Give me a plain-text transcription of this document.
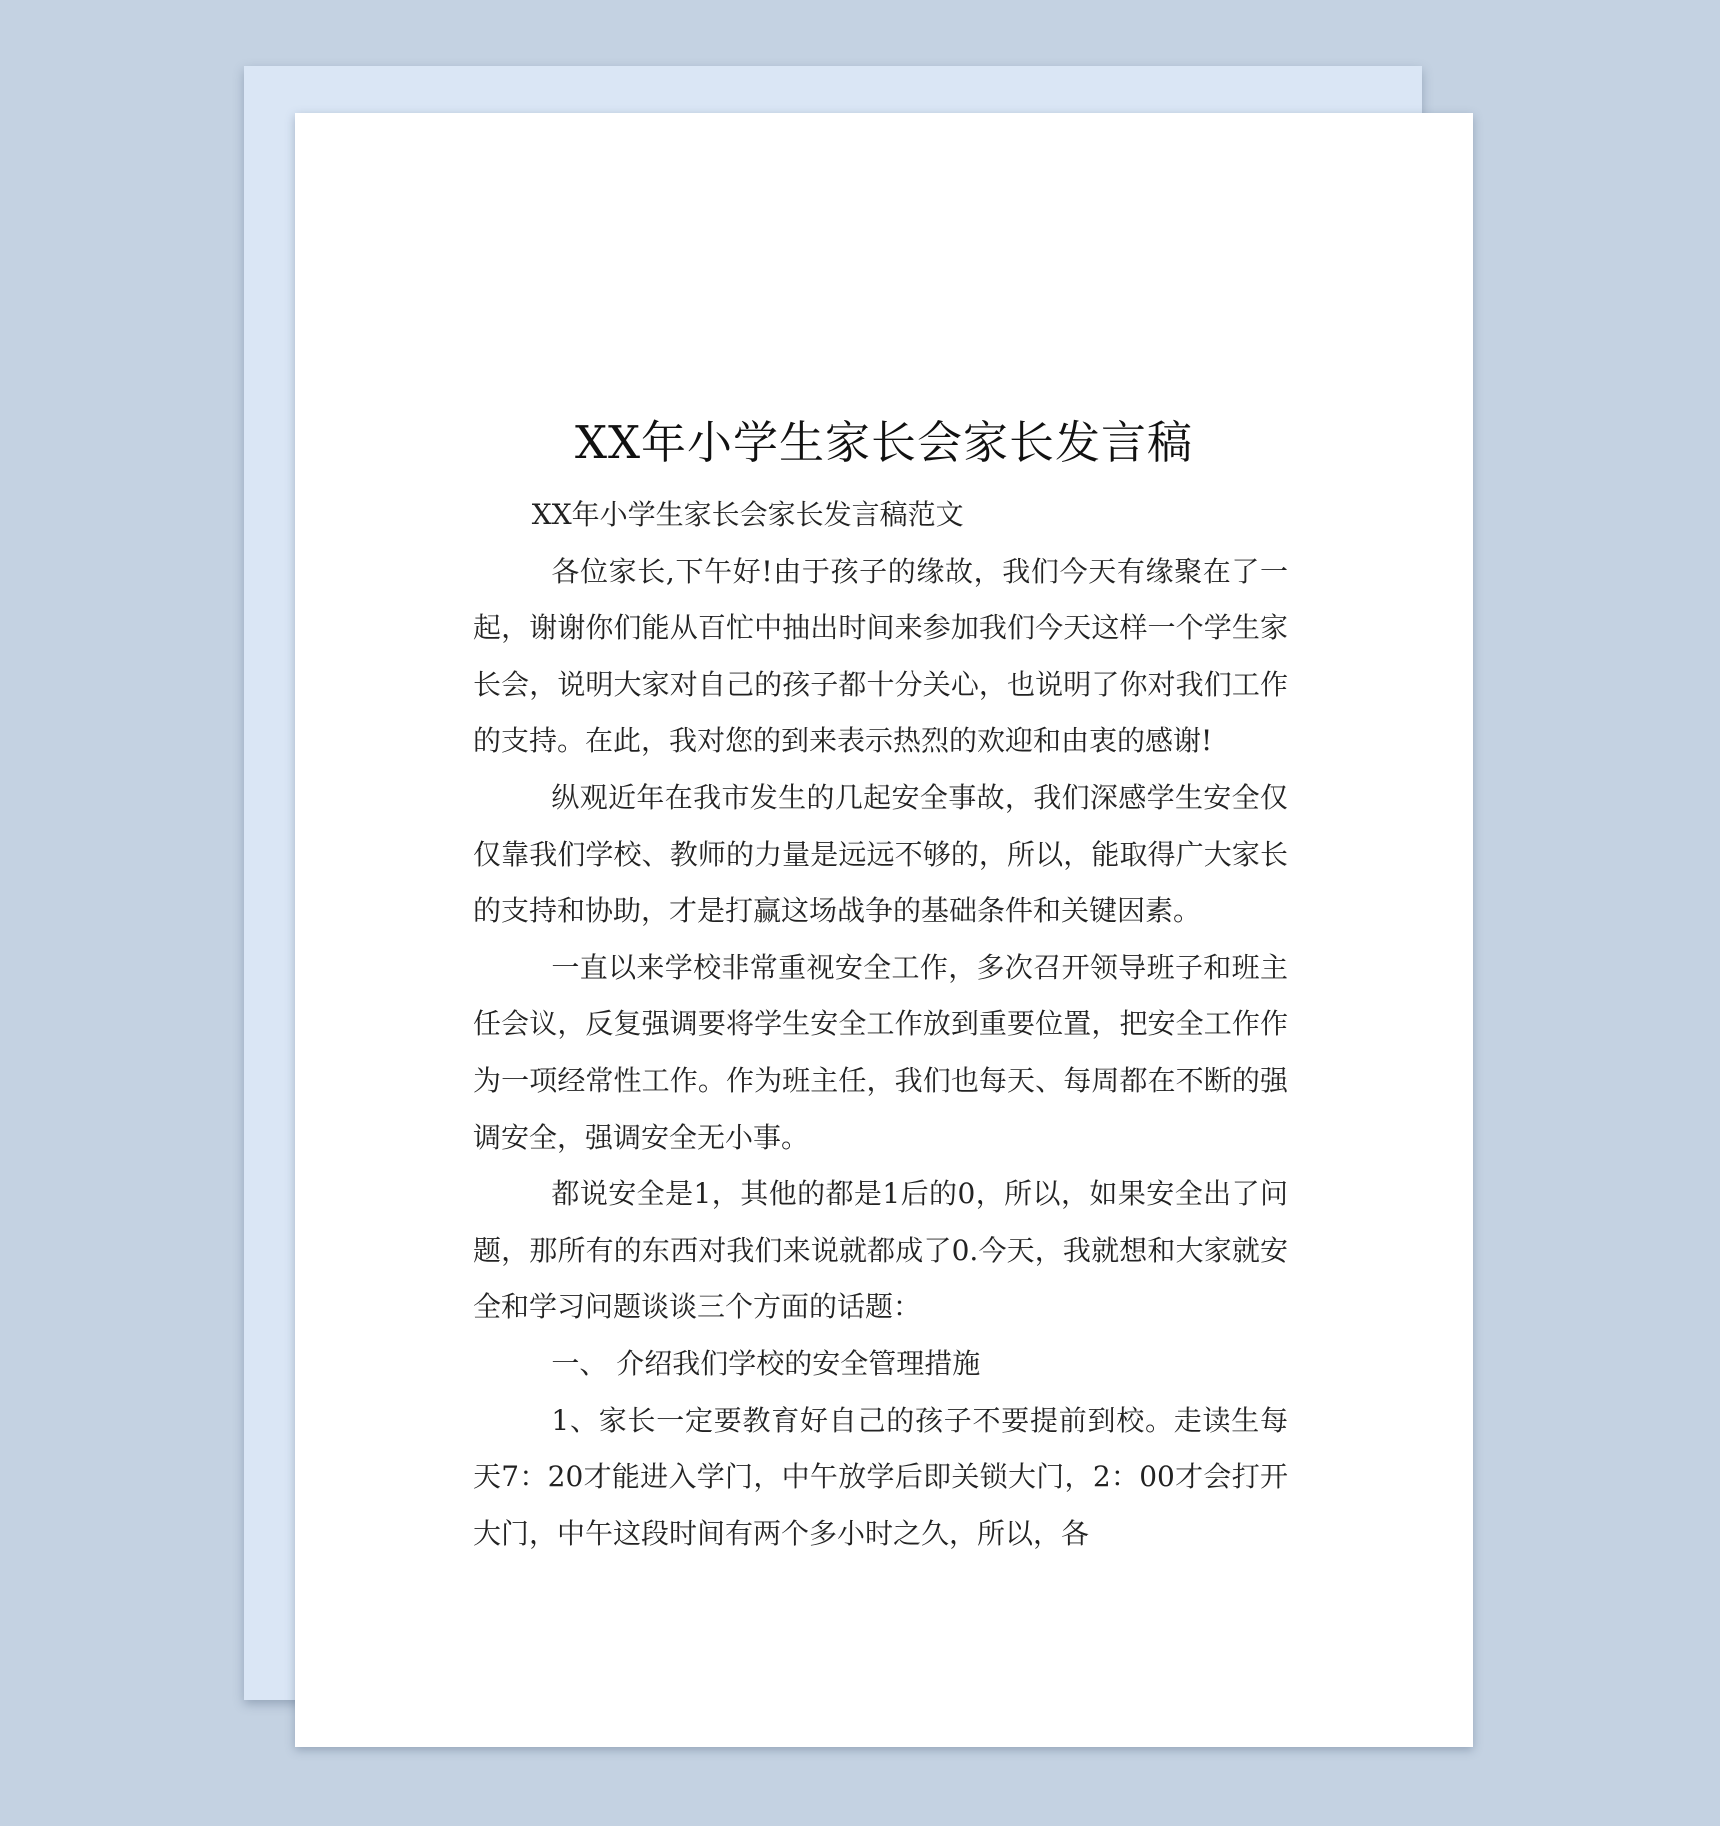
XX年小学生家长会家长发言稿

XX年小学生家长会家长发言稿范文

各位家长,下午好!由于孩子的缘故，我们今天有缘聚在了一起，谢谢你们能从百忙中抽出时间来参加我们今天这样一个学生家长会，说明大家对自己的孩子都十分关心，也说明了你对我们工作的支持。在此，我对您的到来表示热烈的欢迎和由衷的感谢!

纵观近年在我市发生的几起安全事故，我们深感学生安全仅仅靠我们学校、教师的力量是远远不够的，所以，能取得广大家长的支持和协助，才是打赢这场战争的基础条件和关键因素。

一直以来学校非常重视安全工作，多次召开领导班子和班主任会议，反复强调要将学生安全工作放到重要位置，把安全工作作为一项经常性工作。作为班主任，我们也每天、每周都在不断的强调安全，强调安全无小事。

都说安全是1，其他的都是1后的0，所以，如果安全出了问题，那所有的东西对我们来说就都成了0.今天，我就想和大家就安全和学习问题谈谈三个方面的话题：

一、 介绍我们学校的安全管理措施

1、家长一定要教育好自己的孩子不要提前到校。走读生每天7：20才能进入学门，中午放学后即关锁大门，2：00才会打开大门，中午这段时间有两个多小时之久，所以，各
